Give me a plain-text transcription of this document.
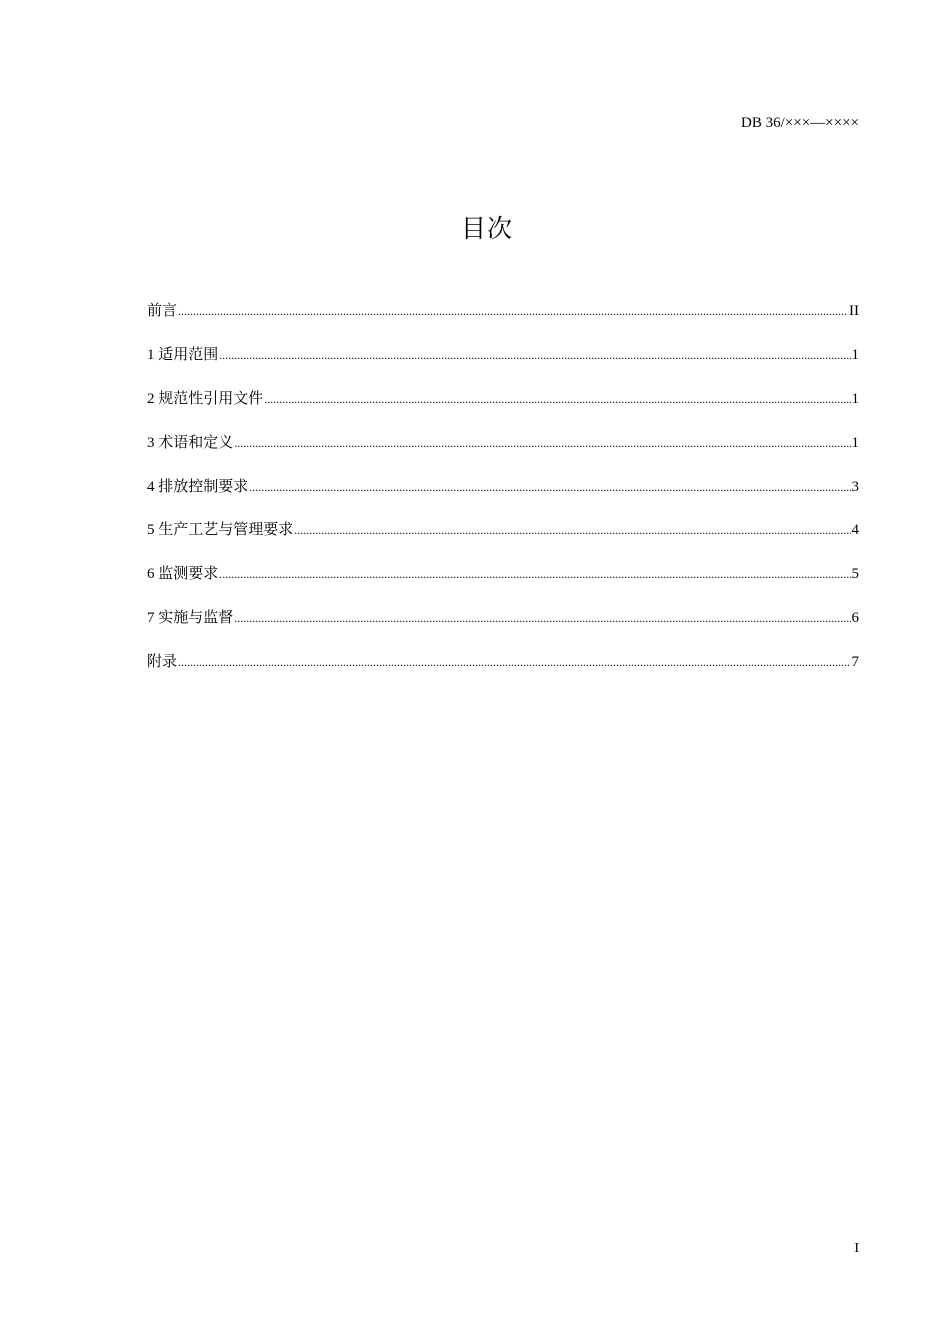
DB 36/×××—××××
目次
前言 .....	II
1 适用范围 .....	1
2 规范性引用文件 .....	1
3 术语和定义 .....	1
4 排放控制要求 .....	3
5 生产工艺与管理要求 .....	4
6 监测要求 .....	5
7 实施与监督 .....	6
附录 .....	7
I
